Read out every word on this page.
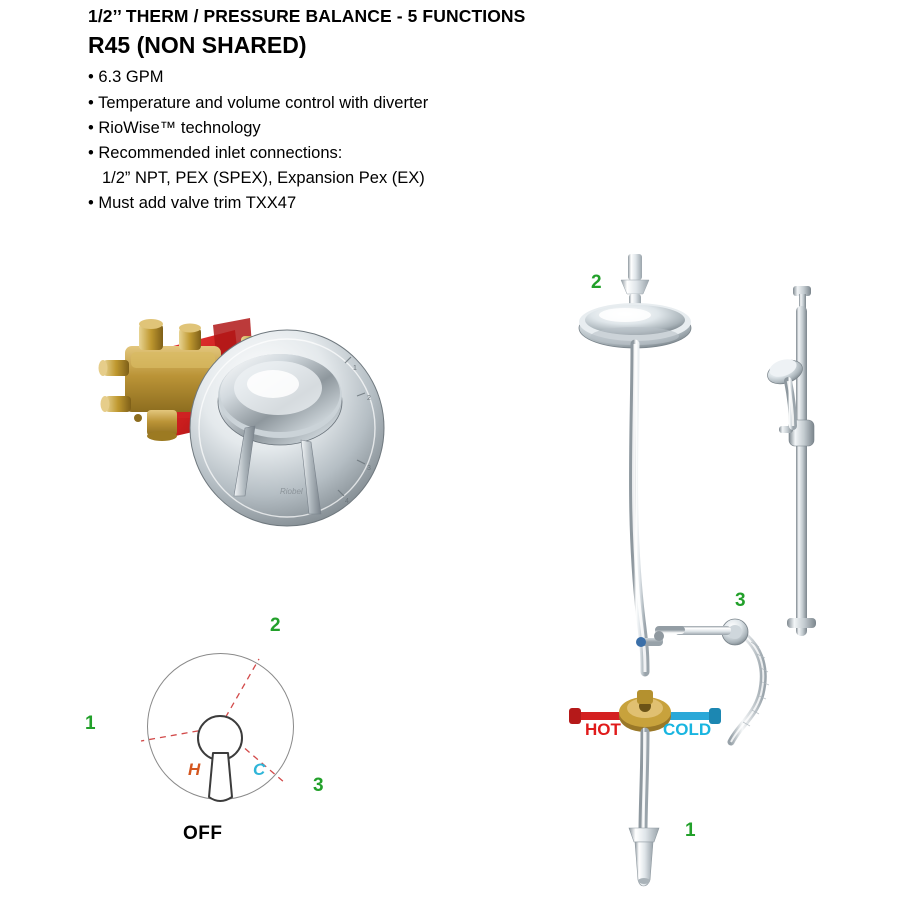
1/2’’ THERM / PRESSURE BALANCE - 5 FUNCTIONS
R45 (NON SHARED)
• 6.3 GPM
• Temperature and volume control with diverter
• RioWise™ technology
• Recommended inlet connections:
1/2” NPT, PEX (SPEX), Expansion Pex (EX)
• Must add valve trim TXX47
1
2
3
4
Riobel
H	C
OFF
1
2
3
HOT COLD
2
3
1
